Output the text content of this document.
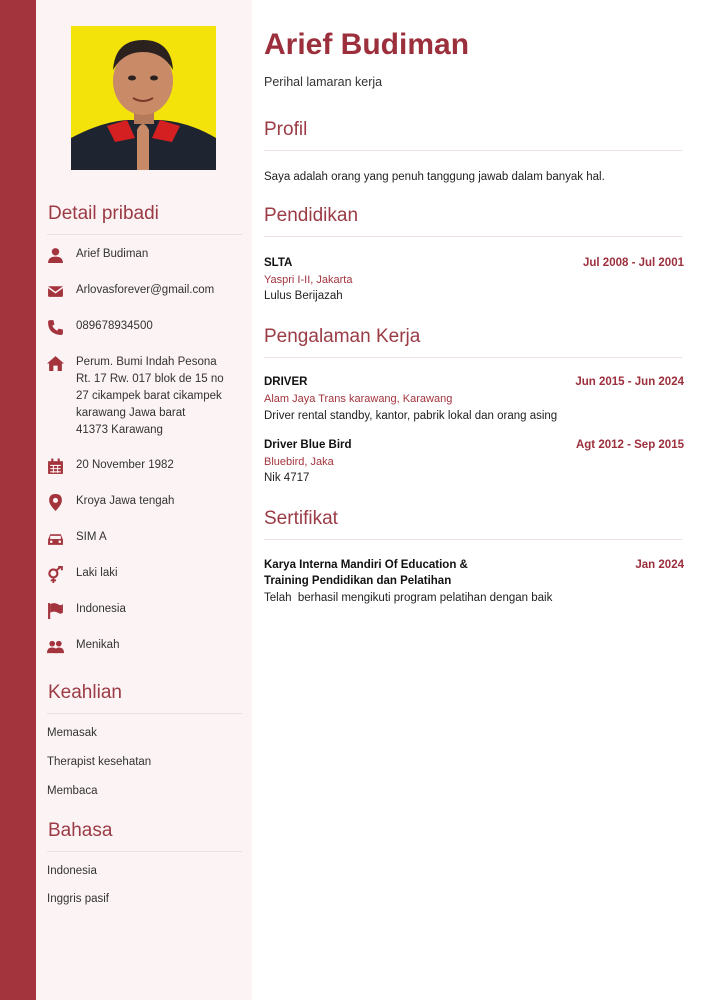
Detail pribadi
Arief Budiman
Arlovasforever@gmail.com
089678934500
Perum. Bumi Indah Pesona
Rt. 17 Rw. 017 blok de 15 no
27 cikampek barat cikampek
karawang Jawa barat
41373 Karawang
20 November 1982
Kroya Jawa tengah
SIM A
Laki laki
Indonesia
Menikah
Keahlian
Memasak
Therapist kesehatan
Membaca
Bahasa
Indonesia
Inggris pasif
Arief Budiman
Perihal lamaran kerja
Profil
Saya adalah orang yang penuh tanggung jawab dalam banyak hal.
Pendidikan
SLTA	Jul 2008 - Jul 2001
Yaspri I-II, Jakarta
Lulus Berijazah
Pengalaman Kerja
DRIVER	Jun 2015 - Jun 2024
Alam Jaya Trans karawang, Karawang
Driver rental standby, kantor, pabrik lokal dan orang asing
Driver Blue Bird	Agt 2012 - Sep 2015
Bluebird, Jaka
Nik 4717
Sertifikat
Karya Interna Mandiri Of Education &	Jan 2024
Training Pendidikan dan Pelatihan
Telah  berhasil mengikuti program pelatihan dengan baik
